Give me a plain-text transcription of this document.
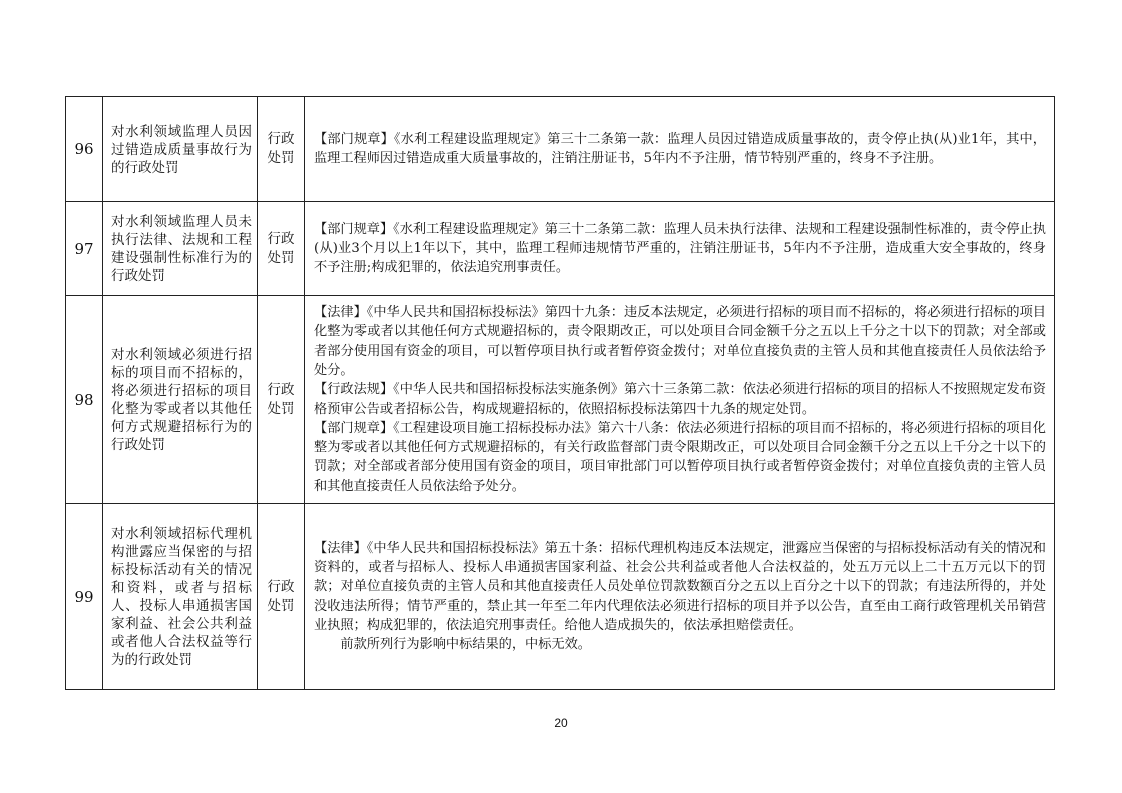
96	对水利领域监理人员因过错造成质量事故行为的行政处罚	行政处罚	【部门规章】《水利工程建设监理规定》第三十二条第一款：监理人员因过错造成质量事故的，责令停止执(从)业1年，其中，监理工程师因过错造成重大质量事故的，注销注册证书，5年内不予注册，情节特别严重的，终身不予注册。

97	对水利领域监理人员未执行法律、法规和工程建设强制性标准行为的行政处罚	行政处罚	【部门规章】《水利工程建设监理规定》第三十二条第二款：监理人员未执行法律、法规和工程建设强制性标准的，责令停止执(从)业3个月以上1年以下，其中，监理工程师违规情节严重的，注销注册证书，5年内不予注册，造成重大安全事故的，终身不予注册;构成犯罪的，依法追究刑事责任。

98	对水利领域必须进行招标的项目而不招标的，将必须进行招标的项目化整为零或者以其他任何方式规避招标行为的行政处罚	行政处罚	【法律】《中华人民共和国招标投标法》第四十九条：违反本法规定，必须进行招标的项目而不招标的，将必须进行招标的项目化整为零或者以其他任何方式规避招标的，责令限期改正，可以处项目合同金额千分之五以上千分之十以下的罚款；对全部或者部分使用国有资金的项目，可以暂停项目执行或者暂停资金拨付；对单位直接负责的主管人员和其他直接责任人员依法给予处分。

【行政法规】《中华人民共和国招标投标法实施条例》第六十三条第二款：依法必须进行招标的项目的招标人不按照规定发布资格预审公告或者招标公告，构成规避招标的，依照招标投标法第四十九条的规定处罚。

【部门规章】《工程建设项目施工招标投标办法》第六十八条：依法必须进行招标的项目而不招标的，将必须进行招标的项目化整为零或者以其他任何方式规避招标的，有关行政监督部门责令限期改正，可以处项目合同金额千分之五以上千分之十以下的罚款；对全部或者部分使用国有资金的项目，项目审批部门可以暂停项目执行或者暂停资金拨付；对单位直接负责的主管人员和其他直接责任人员依法给予处分。

99	对水利领域招标代理机构泄露应当保密的与招标投标活动有关的情况和资料，或者与招标人、投标人串通损害国家利益、社会公共利益或者他人合法权益等行为的行政处罚	行政处罚	【法律】《中华人民共和国招标投标法》第五十条：招标代理机构违反本法规定，泄露应当保密的与招标投标活动有关的情况和资料的，或者与招标人、投标人串通损害国家利益、社会公共利益或者他人合法权益的，处五万元以上二十五万元以下的罚款；对单位直接负责的主管人员和其他直接责任人员处单位罚款数额百分之五以上百分之十以下的罚款；有违法所得的，并处没收违法所得；情节严重的，禁止其一年至二年内代理依法必须进行招标的项目并予以公告，直至由工商行政管理机关吊销营业执照；构成犯罪的，依法追究刑事责任。给他人造成损失的，依法承担赔偿责任。

前款所列行为影响中标结果的，中标无效。

20
